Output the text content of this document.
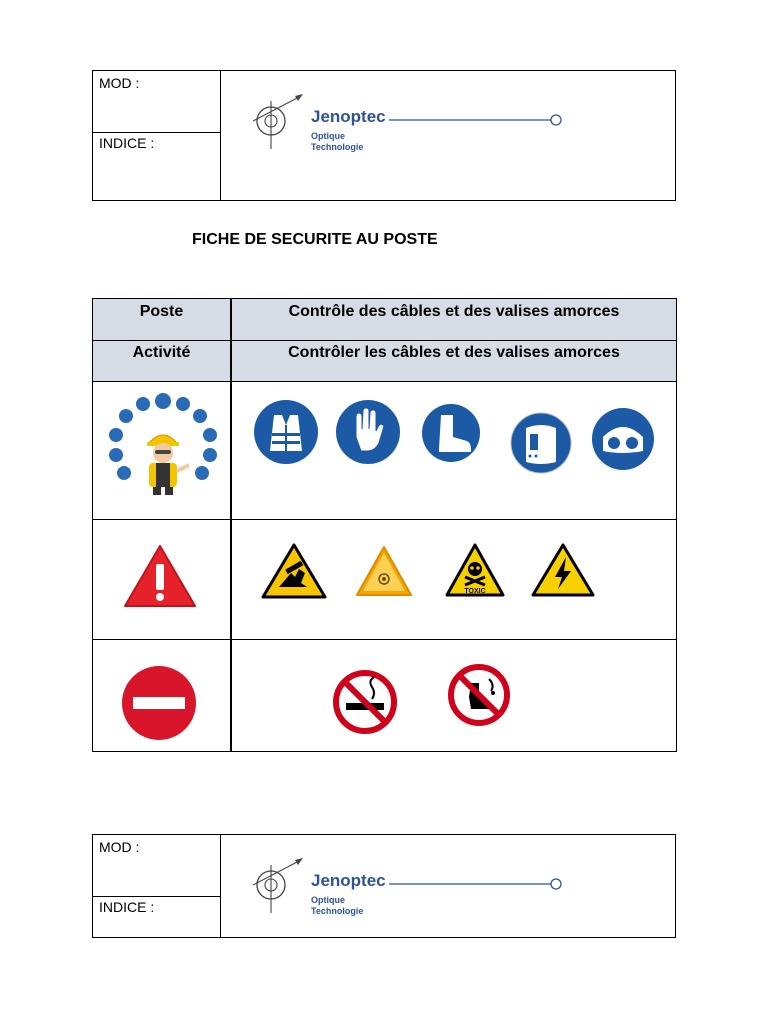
MOD :
INDICE :
Jenoptec
Optique
Technologie
FICHE DE SECURITE AU POSTE
Poste	Contrôle des câbles et des valises amorces
Activité	Contrôler les câbles et des valises amorces
TOXIC
MOD :
INDICE :
Jenoptec
Optique
Technologie
